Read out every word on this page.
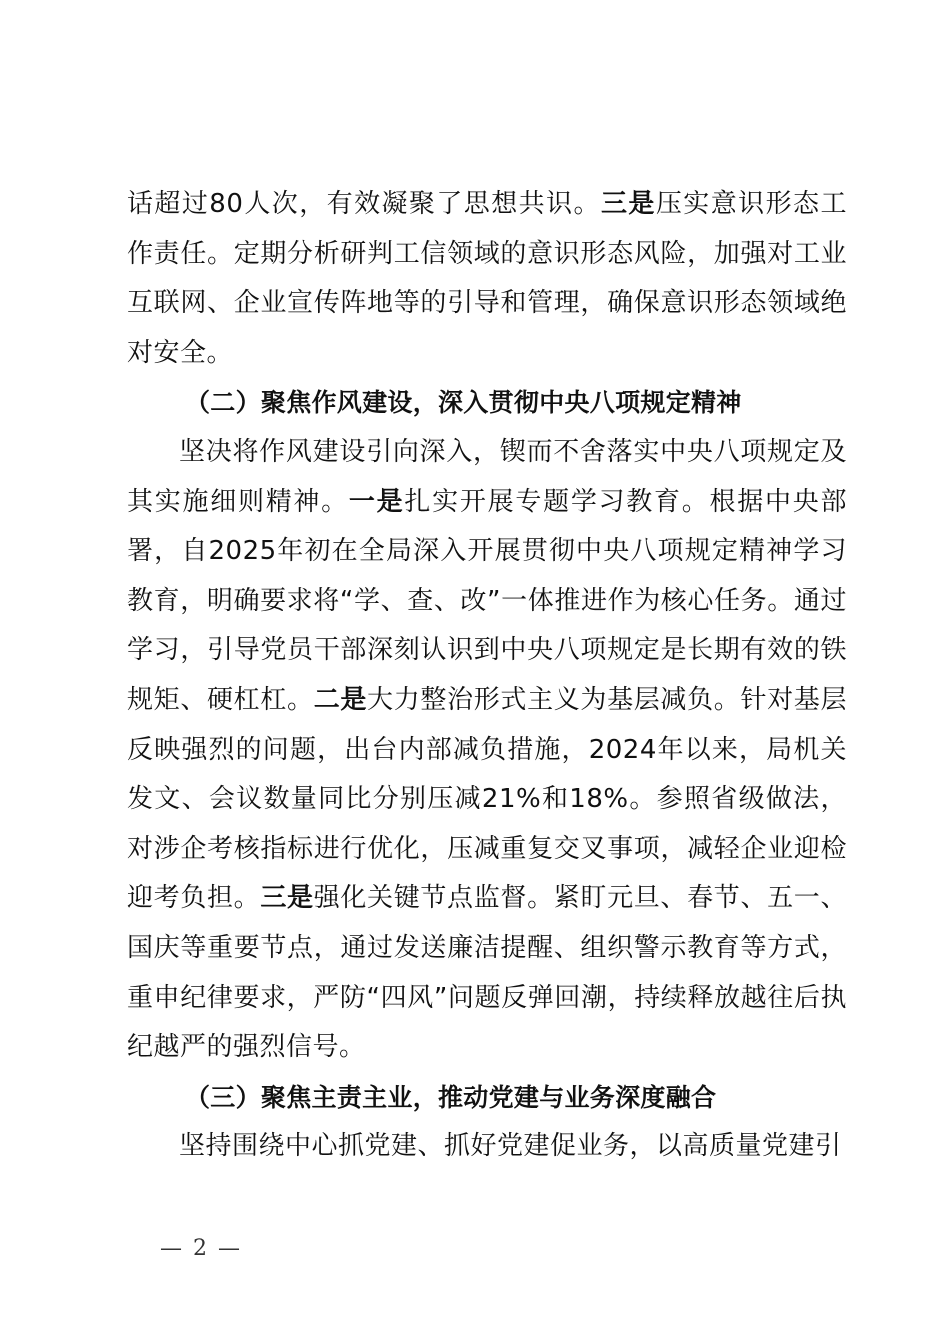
话超过80人次，有效凝聚了思想共识。三是压实意识形态工作责任。定期分析研判工信领域的意识形态风险，加强对工业互联网、企业宣传阵地等的引导和管理，确保意识形态领域绝对安全。

（二）聚焦作风建设，深入贯彻中央八项规定精神

坚决将作风建设引向深入，锲而不舍落实中央八项规定及其实施细则精神。一是扎实开展专题学习教育。根据中央部署，自2025年初在全局深入开展贯彻中央八项规定精神学习教育，明确要求将“学、查、改”一体推进作为核心任务。通过学习，引导党员干部深刻认识到中央八项规定是长期有效的铁规矩、硬杠杠。二是大力整治形式主义为基层减负。针对基层反映强烈的问题，出台内部减负措施，2024年以来，局机关发文、会议数量同比分别压减21%和18%。参照省级做法，对涉企考核指标进行优化，压减重复交叉事项，减轻企业迎检迎考负担。三是强化关键节点监督。紧盯元旦、春节、五一、国庆等重要节点，通过发送廉洁提醒、组织警示教育等方式，重申纪律要求，严防“四风”问题反弹回潮，持续释放越往后执纪越严的强烈信号。

（三）聚焦主责主业，推动党建与业务深度融合

坚持围绕中心抓党建、抓好党建促业务，以高质量党建引

— 2 —
